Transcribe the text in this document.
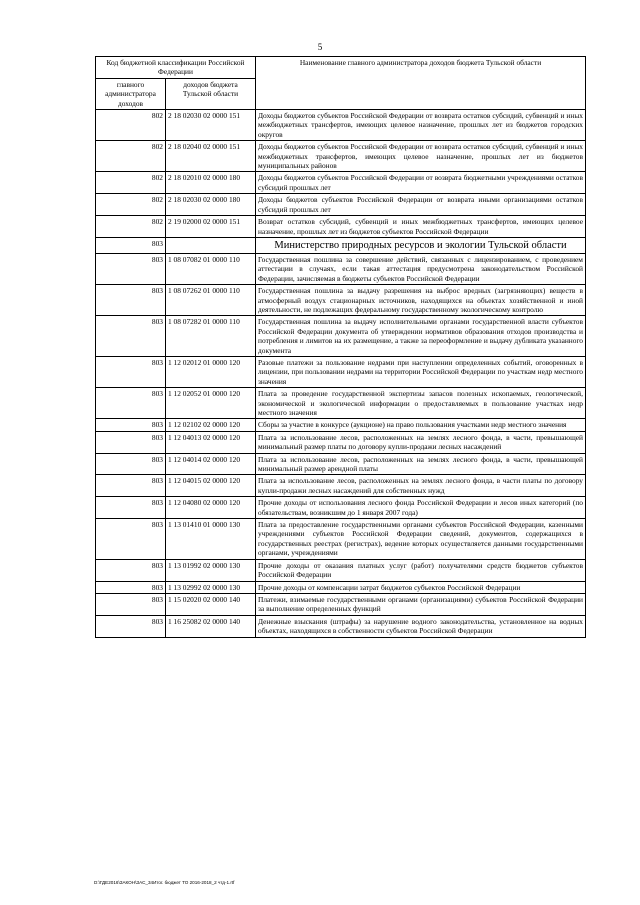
5
Код бюджетной классификации Российской Федерации		Наименование главного администратора доходов бюджета Тульской области
главного администратора доходов	доходов бюджета Тульской области	
802	2 18 02030 02 0000 151	Доходы бюджетов субъектов Российской Федерации от возврата остатков субсидий, субвенций и иных межбюджетных трансфертов, имеющих целевое назначение, прошлых лет из бюджетов городских округов
802	2 18 02040 02 0000 151	Доходы бюджетов субъектов Российской Федерации от возврата остатков субсидий, субвенций и иных межбюджетных трансфертов, имеющих целевое назначение, прошлых лет из бюджетов муниципальных районов
802	2 18 02010 02 0000 180	Доходы бюджетов субъектов Российской Федерации от возврата бюджетными учреждениями остатков субсидий прошлых лет
802	2 18 02030 02 0000 180	Доходы бюджетов субъектов Российской Федерации от возврата иными организациями остатков субсидий прошлых лет
802	2 19 02000 02 0000 151	Возврат остатков субсидий, субвенций и иных межбюджетных трансфертов, имеющих целевое назначение, прошлых лет из бюджетов субъектов Российской Федерации
803		Министерство природных ресурсов и экологии Тульской области
803	1 08 07082 01 0000 110	Государственная пошлина за совершение действий, связанных с лицензированием, с проведением аттестации в случаях, если такая аттестация предусмотрена законодательством Российской Федерации, зачисляемая в бюджеты субъектов Российской Федерации
803	1 08 07262 01 0000 110	Государственная пошлина за выдачу разрешения на выброс вредных (загрязняющих) веществ в атмосферный воздух стационарных источников, находящихся на объектах хозяйственной и иной деятельности, не подлежащих федеральному государственному экологическому контролю
803	1 08 07282 01 0000 110	Государственная пошлина за выдачу исполнительными органами государственной власти субъектов Российской Федерации документа об утверждении нормативов образования отходов производства и потребления и лимитов на их размещение, а также за переоформление и выдачу дубликата указанного документа
803	1 12 02012 01 0000 120	Разовые платежи за пользование недрами при наступлении определенных событий, оговоренных в лицензии, при пользовании недрами на территории Российской Федерации по участкам недр местного значения
803	1 12 02052 01 0000 120	Плата за проведение государственной экспертизы запасов полезных ископаемых, геологической, экономической и экологической информации о предоставляемых в пользование участках недр местного значения
803	1 12 02102 02 0000 120	Сборы за участие в конкурсе (аукционе) на право пользования участками недр местного значения
803	1 12 04013 02 0000 120	Плата за использование лесов, расположенных на землях лесного фонда, в части, превышающей минимальный размер платы по договору купли-продажи лесных насаждений
803	1 12 04014 02 0000 120	Плата за использование лесов, расположенных на землях лесного фонда, в части, превышающей минимальный размер арендной платы
803	1 12 04015 02 0000 120	Плата за использование лесов, расположенных на землях лесного фонда, в части платы по договору купли-продажи лесных насаждений для собственных нужд
803	1 12 04080 02 0000 120	Прочие доходы от использования лесного фонда Российской Федерации и лесов иных категорий (по обязательствам, возникшим до 1 января 2007 года)
803	1 13 01410 01 0000 130	Плата за предоставление государственными органами субъектов Российской Федерации, казенными учреждениями субъектов Российской Федерации сведений, документов, содержащихся в государственных реестрах (регистрах), ведение которых осуществляется данными государственными органами, учреждениями
803	1 13 01992 02 0000 130	Прочие доходы от оказания платных услуг (работ) получателями средств бюджетов субъектов Российской Федерации
803	1 13 02992 02 0000 130	Прочие доходы от компенсации затрат бюджетов субъектов Российской Федерации
803	1 15 02020 02 0000 140	Платежи, взимаемые государственными органами (организациями) субъектов Российской Федерации за выполнение определенных функций
803	1 16 25082 02 0000 140	Денежные взыскания (штрафы) за нарушение водного законодательства, установленное на водных объектах, находящихся в собственности субъектов Российской Федерации
D:\ГДЕ2016\ЗАКОН\ЗАС_34Итог. бюджет ТО 2016-2018_2 чтд-1.rtf
